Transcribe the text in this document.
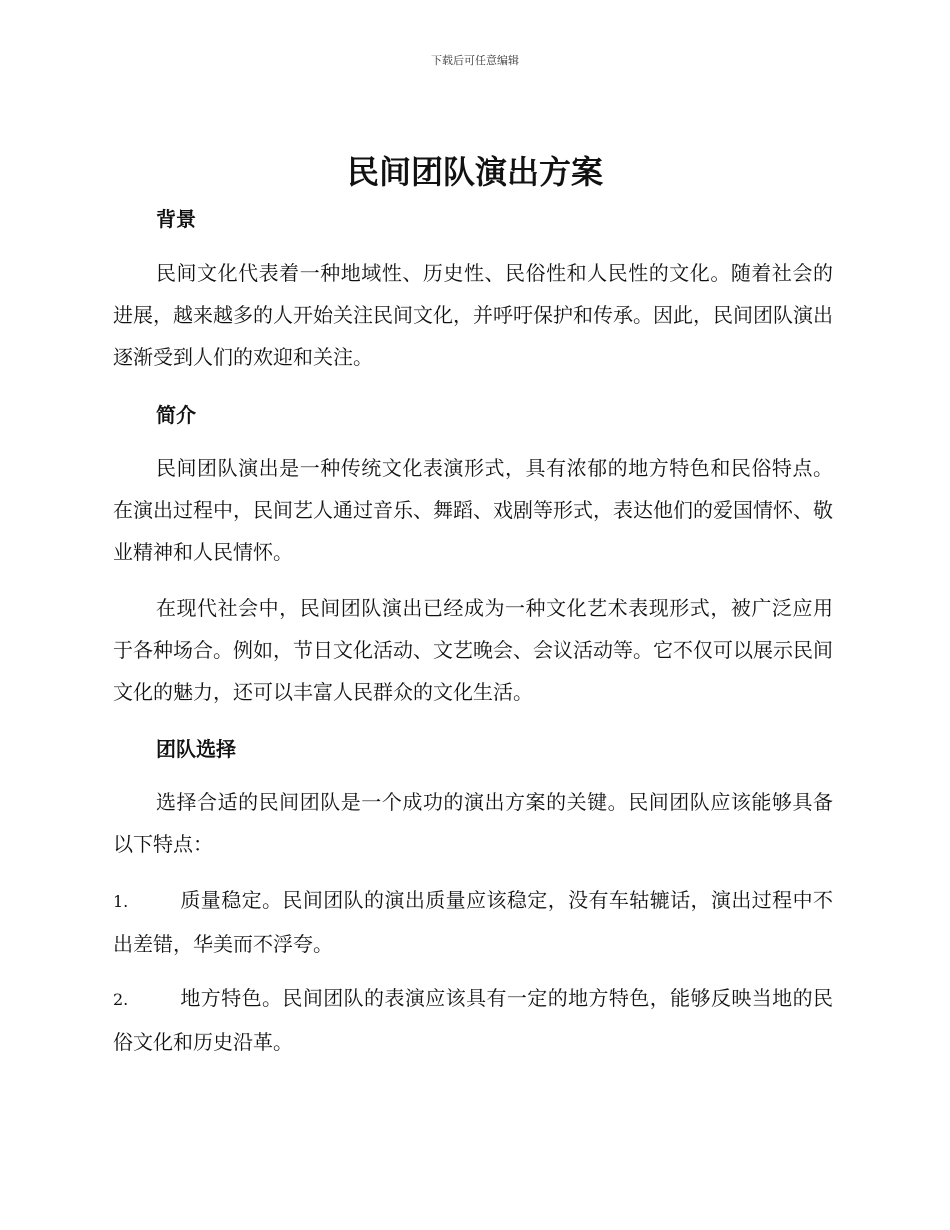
下载后可任意编辑
民间团队演出方案
背景

民间文化代表着一种地域性、历史性、民俗性和人民性的文化。随着社会的进展，越来越多的人开始关注民间文化，并呼吁保护和传承。因此，民间团队演出逐渐受到人们的欢迎和关注。

简介

民间团队演出是一种传统文化表演形式，具有浓郁的地方特色和民俗特点。在演出过程中，民间艺人通过音乐、舞蹈、戏剧等形式，表达他们的爱国情怀、敬业精神和人民情怀。

在现代社会中，民间团队演出已经成为一种文化艺术表现形式，被广泛应用于各种场合。例如，节日文化活动、文艺晚会、会议活动等。它不仅可以展示民间文化的魅力，还可以丰富人民群众的文化生活。

团队选择

选择合适的民间团队是一个成功的演出方案的关键。民间团队应该能够具备以下特点：

1.	质量稳定。民间团队的演出质量应该稳定，没有车轱辘话，演出过程中不出差错，华美而不浮夸。

2.	地方特色。民间团队的表演应该具有一定的地方特色，能够反映当地的民俗文化和历史沿革。
